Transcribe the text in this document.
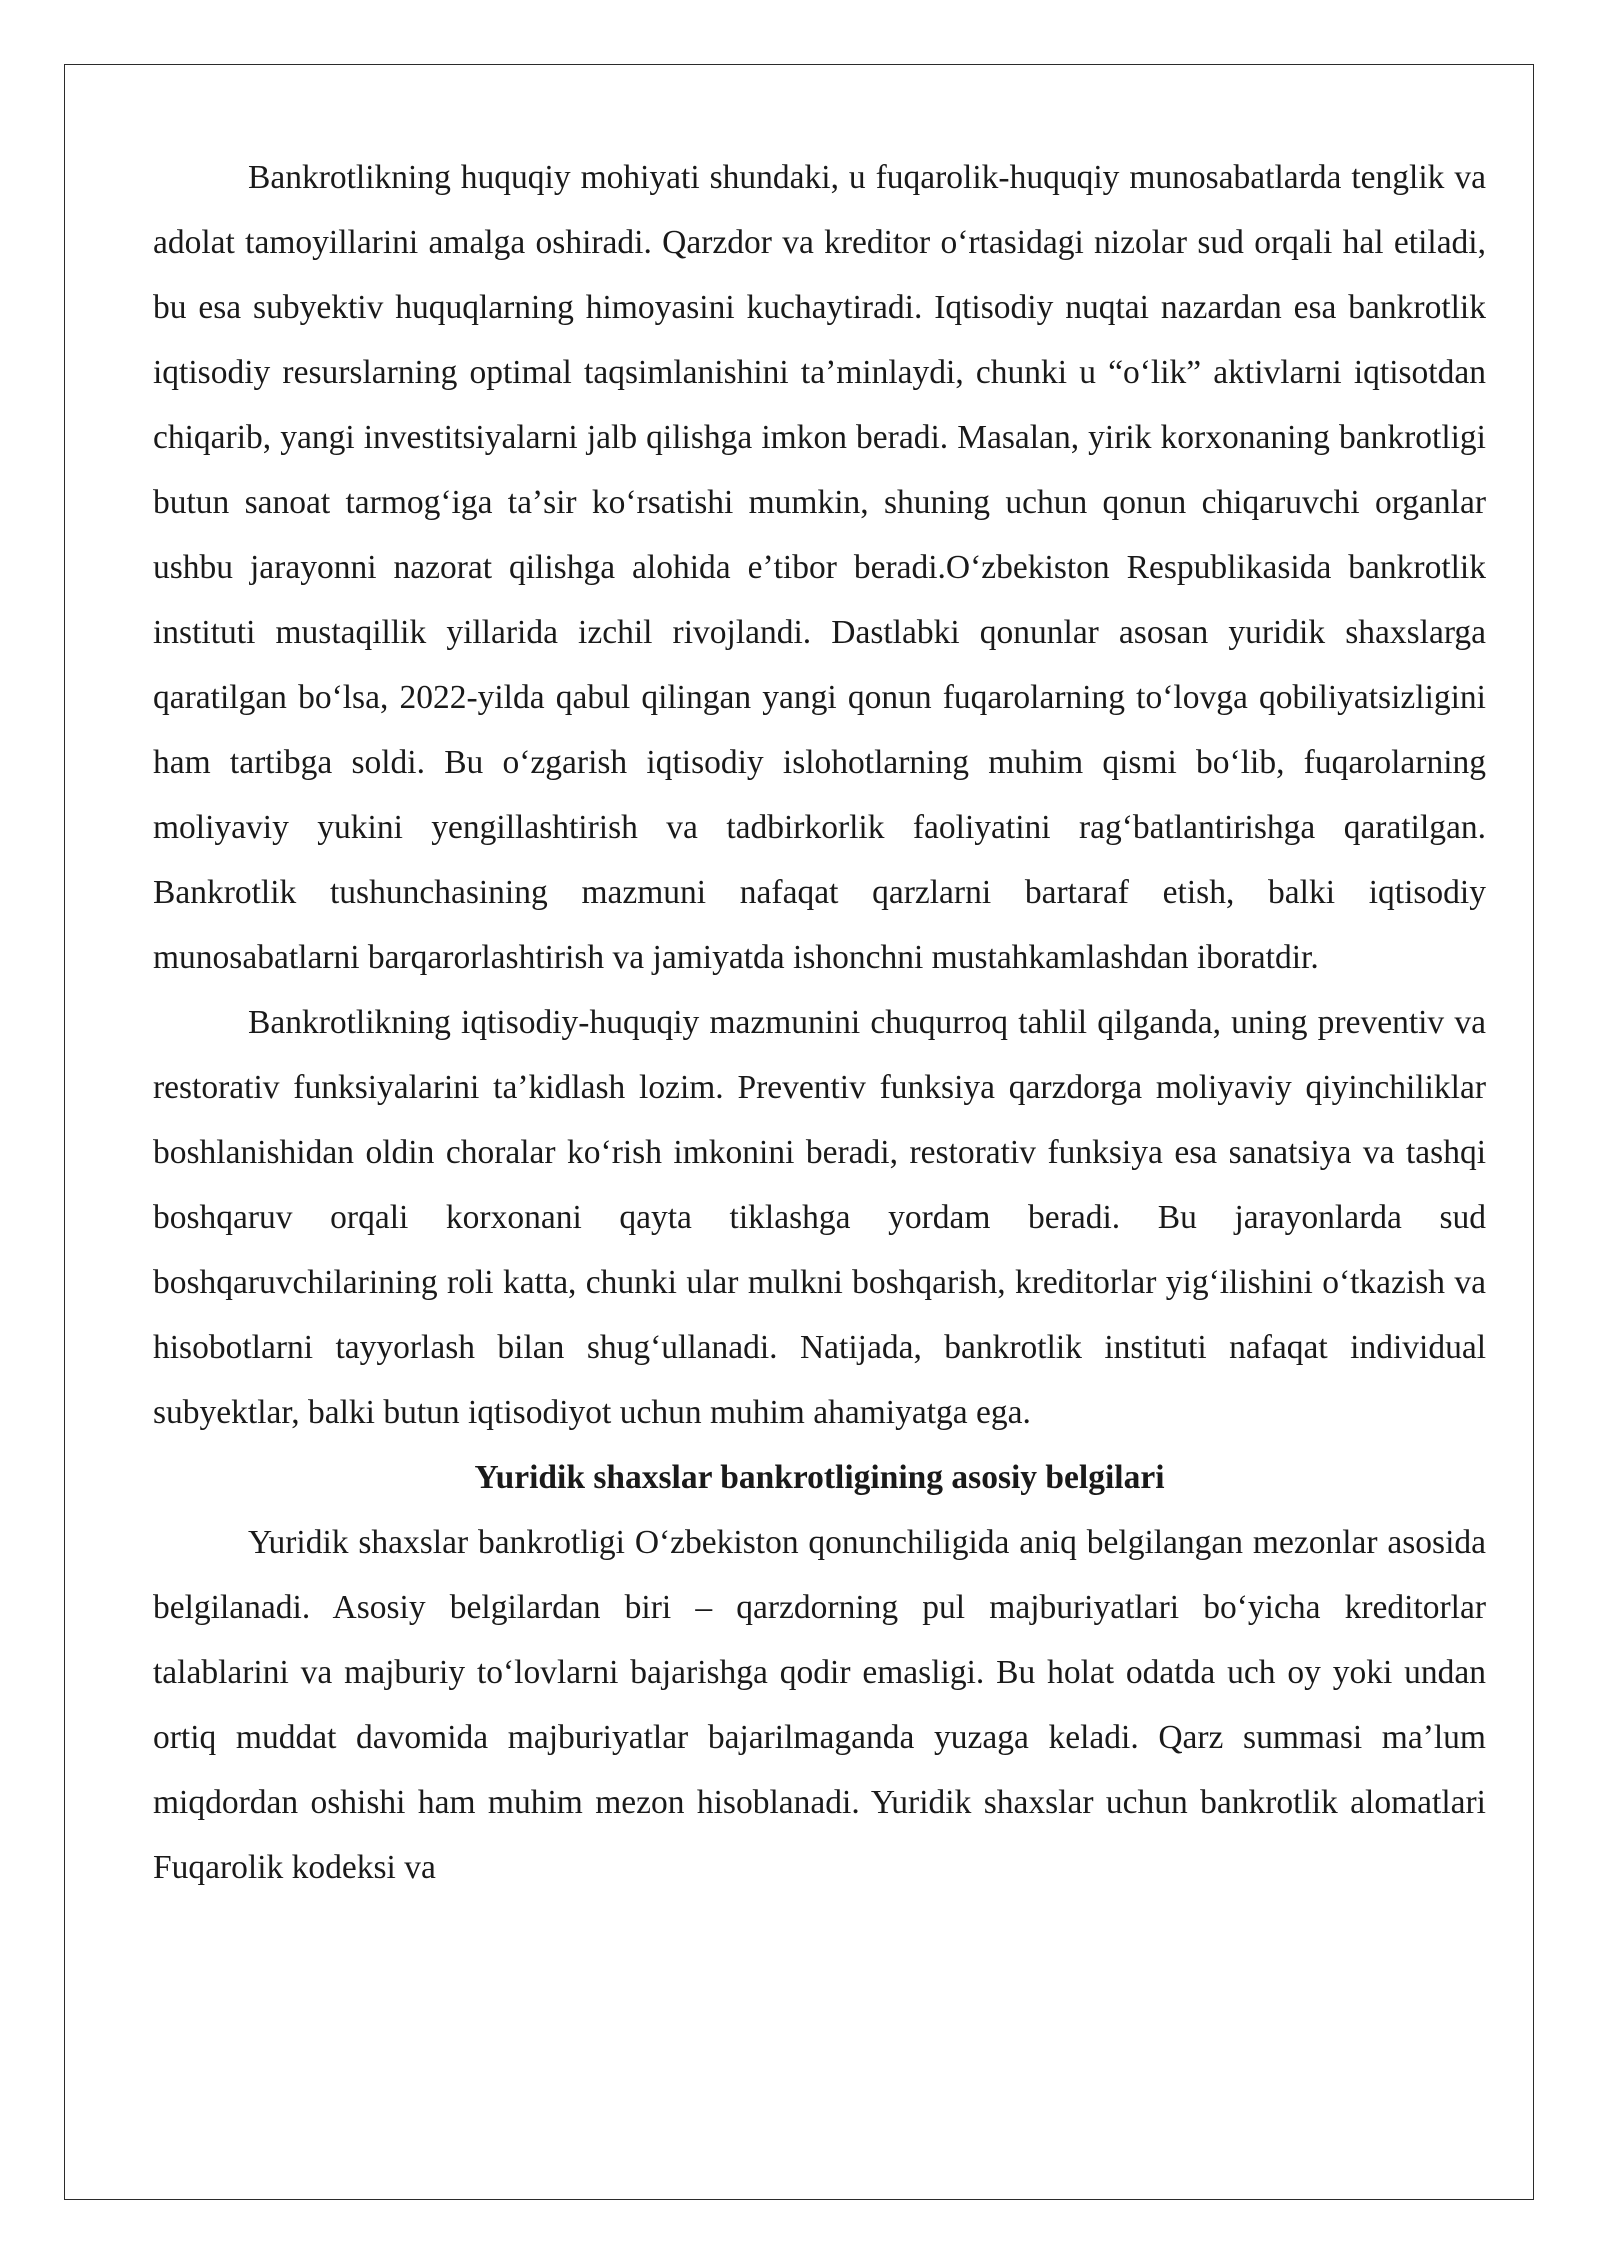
Bankrotlikning huquqiy mohiyati shundaki, u fuqarolik-huquqiy munosabatlarda tenglik va adolat tamoyillarini amalga oshiradi. Qarzdor va kreditor oʻrtasidagi nizolar sud orqali hal etiladi, bu esa subyektiv huquqlarning himoyasini kuchaytiradi. Iqtisodiy nuqtai nazardan esa bankrotlik iqtisodiy resurslarning optimal taqsimlanishini taʼminlaydi, chunki u “oʻlik” aktivlarni iqtisotdan chiqarib, yangi investitsiyalarni jalb qilishga imkon beradi. Masalan, yirik korxonaning bankrotligi butun sanoat tarmogʻiga taʼsir koʻrsatishi mumkin, shuning uchun qonun chiqaruvchi organlar ushbu jarayonni nazorat qilishga alohida eʼtibor beradi.Oʻzbekiston Respublikasida bankrotlik instituti mustaqillik yillarida izchil rivojlandi. Dastlabki qonunlar asosan yuridik shaxslarga qaratilgan boʻlsa, 2022-yilda qabul qilingan yangi qonun fuqarolarning toʻlovga qobiliyatsizligini ham tartibga soldi. Bu oʻzgarish iqtisodiy islohotlarning muhim qismi boʻlib, fuqarolarning moliyaviy yukini yengillashtirish va tadbirkorlik faoliyatini ragʻbatlantirishga qaratilgan. Bankrotlik tushunchasining mazmuni nafaqat qarzlarni bartaraf etish, balki iqtisodiy munosabatlarni barqarorlashtirish va jamiyatda ishonchni mustahkamlashdan iboratdir.

Bankrotlikning iqtisodiy-huquqiy mazmunini chuqurroq tahlil qilganda, uning preventiv va restorativ funksiyalarini taʼkidlash lozim. Preventiv funksiya qarzdorga moliyaviy qiyinchiliklar boshlanishidan oldin choralar koʻrish imkonini beradi, restorativ funksiya esa sanatsiya va tashqi boshqaruv orqali korxonani qayta tiklashga yordam beradi. Bu jarayonlarda sud boshqaruvchilarining roli katta, chunki ular mulkni boshqarish, kreditorlar yigʻilishini oʻtkazish va hisobotlarni tayyorlash bilan shugʻullanadi. Natijada, bankrotlik instituti nafaqat individual subyektlar, balki butun iqtisodiyot uchun muhim ahamiyatga ega.

Yuridik shaxslar bankrotligining asosiy belgilari

Yuridik shaxslar bankrotligi Oʻzbekiston qonunchiligida aniq belgilangan mezonlar asosida belgilanadi. Asosiy belgilardan biri – qarzdorning pul majburiyatlari boʻyicha kreditorlar talablarini va majburiy toʻlovlarni bajarishga qodir emasligi. Bu holat odatda uch oy yoki undan ortiq muddat davomida majburiyatlar bajarilmaganda yuzaga keladi. Qarz summasi maʼlum miqdordan oshishi ham muhim mezon hisoblanadi. Yuridik shaxslar uchun bankrotlik alomatlari Fuqarolik kodeksi va
